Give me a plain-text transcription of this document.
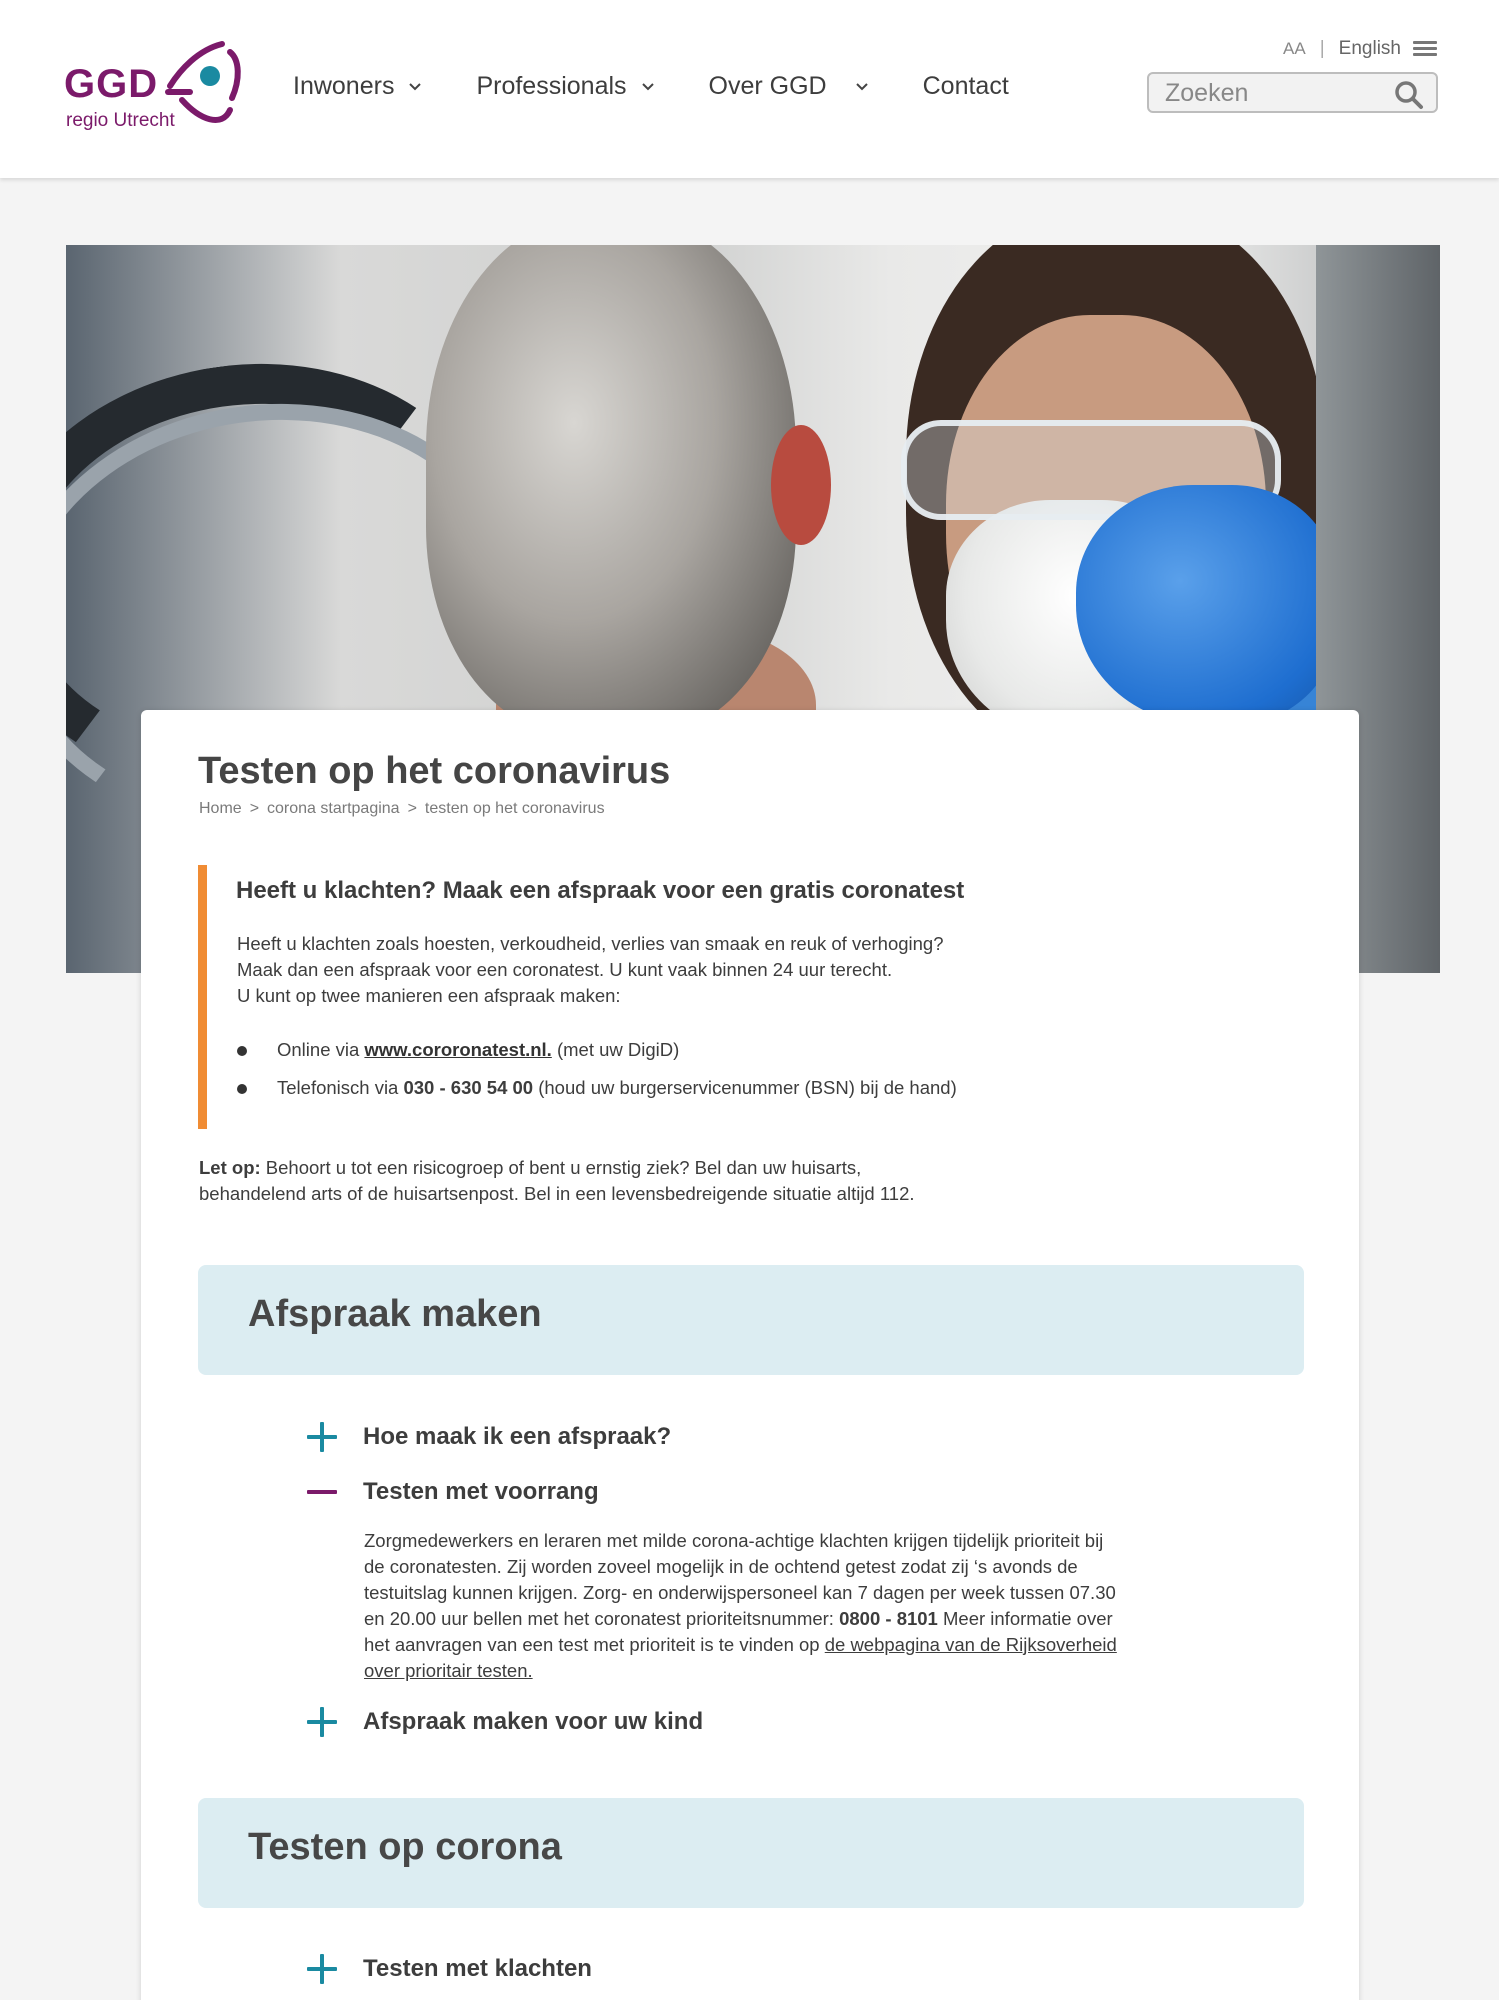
GGD
regio Utrecht
Inwoners	Professionals	Over GGD	Contact
AA | English
Zoeken
Testen op het coronavirus
Home > corona startpagina > testen op het coronavirus
Heeft u klachten? Maak een afspraak voor een gratis coronatest
Heeft u klachten zoals hoesten, verkoudheid, verlies van smaak en reuk of verhoging?
Maak dan een afspraak voor een coronatest. U kunt vaak binnen 24 uur terecht.
U kunt op twee manieren een afspraak maken:
Online via www.cororonatest.nl. (met uw DigiD)
Telefonisch via 030 - 630 54 00 (houd uw burgerservicenummer (BSN) bij de hand)
Let op: Behoort u tot een risicogroep of bent u ernstig ziek? Bel dan uw huisarts,
behandelend arts of de huisartsenpost. Bel in een levensbedreigende situatie altijd 112.
Afspraak maken
Hoe maak ik een afspraak?
Testen met voorrang
Zorgmedewerkers en leraren met milde corona-achtige klachten krijgen tijdelijk prioriteit bij
de coronatesten. Zij worden zoveel mogelijk in de ochtend getest zodat zij ‘s avonds de
testuitslag kunnen krijgen. Zorg- en onderwijspersoneel kan 7 dagen per week tussen 07.30
en 20.00 uur bellen met het coronatest prioriteitsnummer: 0800 - 8101 Meer informatie over
het aanvragen van een test met prioriteit is te vinden op de webpagina van de Rijksoverheid
over prioritair testen.
Afspraak maken voor uw kind
Testen op corona
Testen met klachten
